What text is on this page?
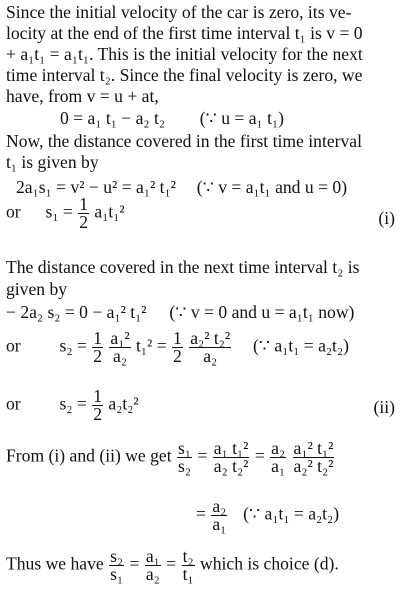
Since the initial velocity of the car is zero, its ve-
locity at the end of the first time interval t₁ is v = 0
+ a₁t₁ = a₁t₁. This is the initial velocity for the next
time interval t₂. Since the final velocity is zero, we
have, from v = u + at,
0 = a₁ t₁ − a₂ t₂ (∵ u = a₁ t₁)
Now, the distance covered in the first time interval
t₁ is given by
2a₁s₁ = v² − u² = a₁² t₁² (∵ v = a₁t₁ and u = 0)
or $s_1 = \frac{1}{2} a_1t_1^2$	(i)
The distance covered in the next time interval t₂ is
given by
− 2a₂ s₂ = 0 − a₁² t₁² (∵ v = 0 and u = a₁t₁ now)
or $s_2 = \frac{1}{2}$
$\frac{\text{a₁²}}{\text{a₂}} t_1^2 = \frac{1}{2}$
$\frac{\text{a₂² t₂²}}{\text{a₂}}$ (∵ a₁t₁ = a₂t₂)
or $s_2 = \frac{1}{2} a_2t_2^2$	(ii)
From (i) and (ii) we get $\frac{\text{s₁}}{\text{s₂}} = \frac{\text{a₁ t₁²}}{\text{a₂ t₂²}} = \frac{\text{a₂}}{\text{a₁}}$
$\frac{\text{a₁² t₁²}}{\text{a₂² t₂²}}$
= $\frac{\text{a₂}}{\text{a₁}}$ (∵ a₁t₁ = a₂t₂)
Thus we have $\frac{\text{s₂}}{\text{s₁}} = \frac{\text{a₁}}{\text{a₂}} = \frac{\text{t₂}}{\text{t₁}}$ which is choice (d).
